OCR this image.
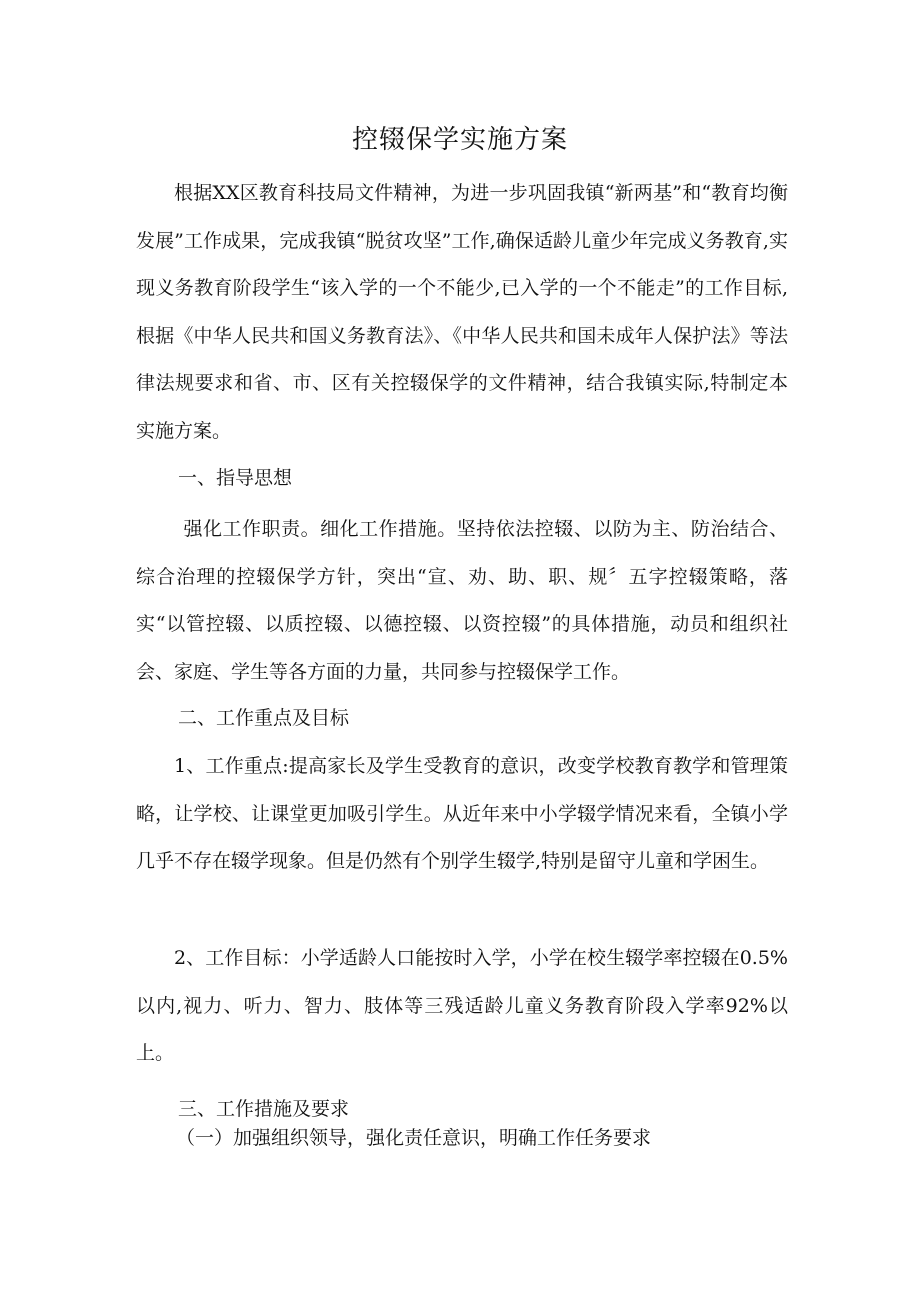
控辍保学实施方案

根据XX区教育科技局文件精神，为进一步巩固我镇“新两基”和“教育均衡发展”工作成果，完成我镇“脱贫攻坚”工作,确保适龄儿童少年完成义务教育,实现义务教育阶段学生“该入学的一个不能少,已入学的一个不能走”的工作目标,根据《中华人民共和国义务教育法》、《中华人民共和国未成年人保护法》等法律法规要求和省、市、区有关控辍保学的文件精神，结合我镇实际,特制定本实施方案。

一、指导思想

强化工作职责。细化工作措施。坚持依法控辍、以防为主、防治结合、综合治理的控辍保学方针，突出“宣、劝、助、职、规〞五字控辍策略，落实“以管控辍、以质控辍、以德控辍、以资控辍”的具体措施，动员和组织社会、家庭、学生等各方面的力量，共同参与控辍保学工作。

二、工作重点及目标

1、工作重点:提高家长及学生受教育的意识，改变学校教育教学和管理策略，让学校、让课堂更加吸引学生。从近年来中小学辍学情况来看，全镇小学几乎不存在辍学现象。但是仍然有个别学生辍学,特别是留守儿童和学困生。

2、工作目标：小学适龄人口能按时入学，小学在校生辍学率控辍在0.5%以内,视力、听力、智力、肢体等三残适龄儿童义务教育阶段入学率92%以上。

三、工作措施及要求
（一）加强组织领导，强化责任意识，明确工作任务要求
